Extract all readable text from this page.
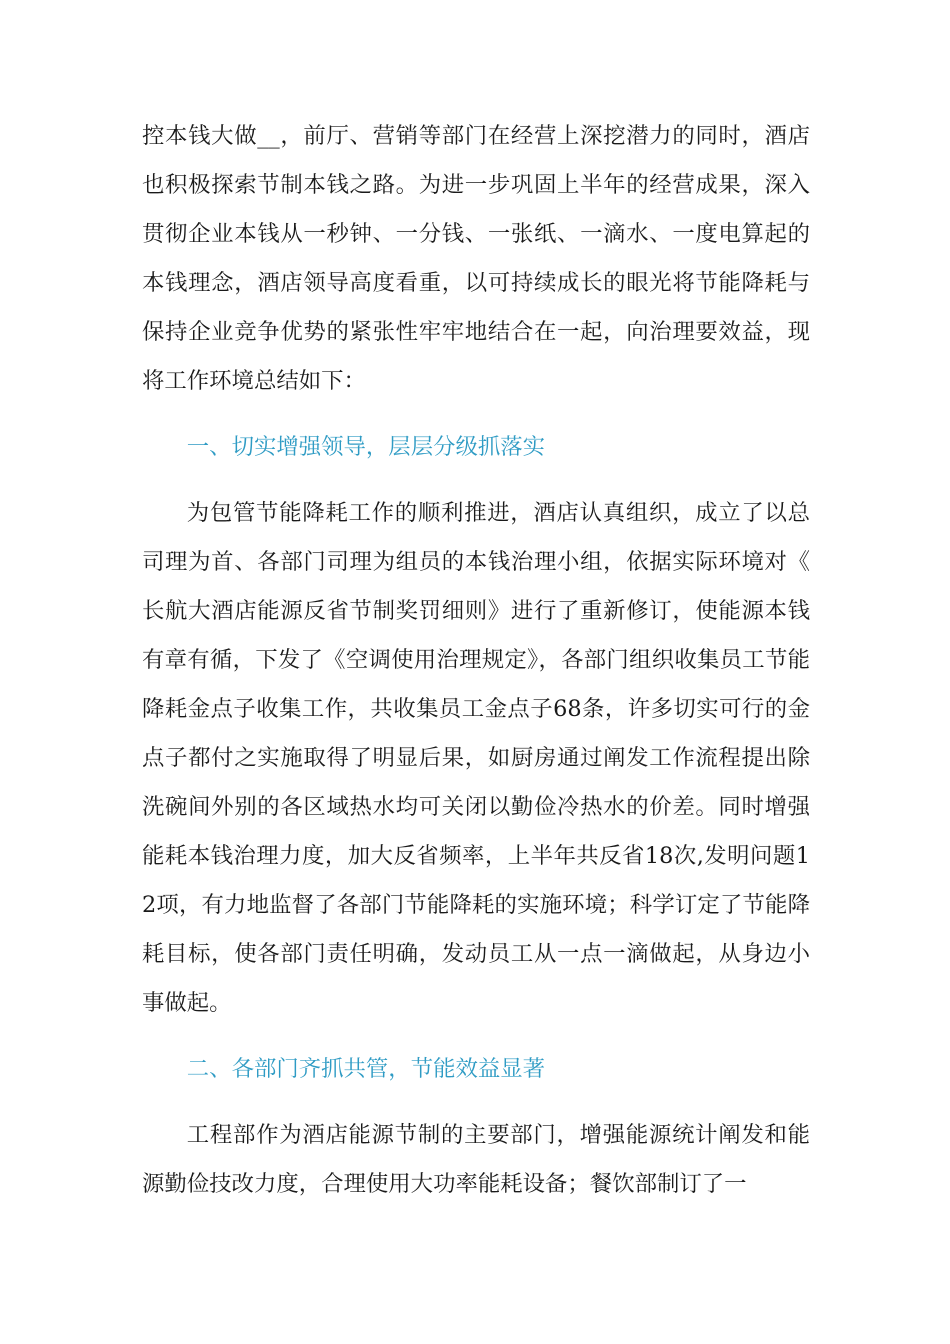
控本钱大做__，前厅、营销等部门在经营上深挖潜力的同时，酒店也积极探索节制本钱之路。为进一步巩固上半年的经营成果，深入贯彻企业本钱从一秒钟、一分钱、一张纸、一滴水、一度电算起的本钱理念，酒店领导高度看重，以可持续成长的眼光将节能降耗与保持企业竞争优势的紧张性牢牢地结合在一起，向治理要效益，现将工作环境总结如下：

一、切实增强领导，层层分级抓落实

为包管节能降耗工作的顺利推进，酒店认真组织，成立了以总司理为首、各部门司理为组员的本钱治理小组，依据实际环境对《长航大酒店能源反省节制奖罚细则》进行了重新修订，使能源本钱有章有循，下发了《空调使用治理规定》，各部门组织收集员工节能降耗金点子收集工作，共收集员工金点子68条，许多切实可行的金点子都付之实施取得了明显后果，如厨房通过阐发工作流程提出除洗碗间外别的各区域热水均可关闭以勤俭冷热水的价差。同时增强能耗本钱治理力度，加大反省频率，上半年共反省18次,发明问题12项，有力地监督了各部门节能降耗的实施环境；科学订定了节能降耗目标，使各部门责任明确，发动员工从一点一滴做起，从身边小事做起。

二、各部门齐抓共管，节能效益显著

工程部作为酒店能源节制的主要部门，增强能源统计阐发和能源勤俭技改力度，合理使用大功率能耗设备；餐饮部制订了一
